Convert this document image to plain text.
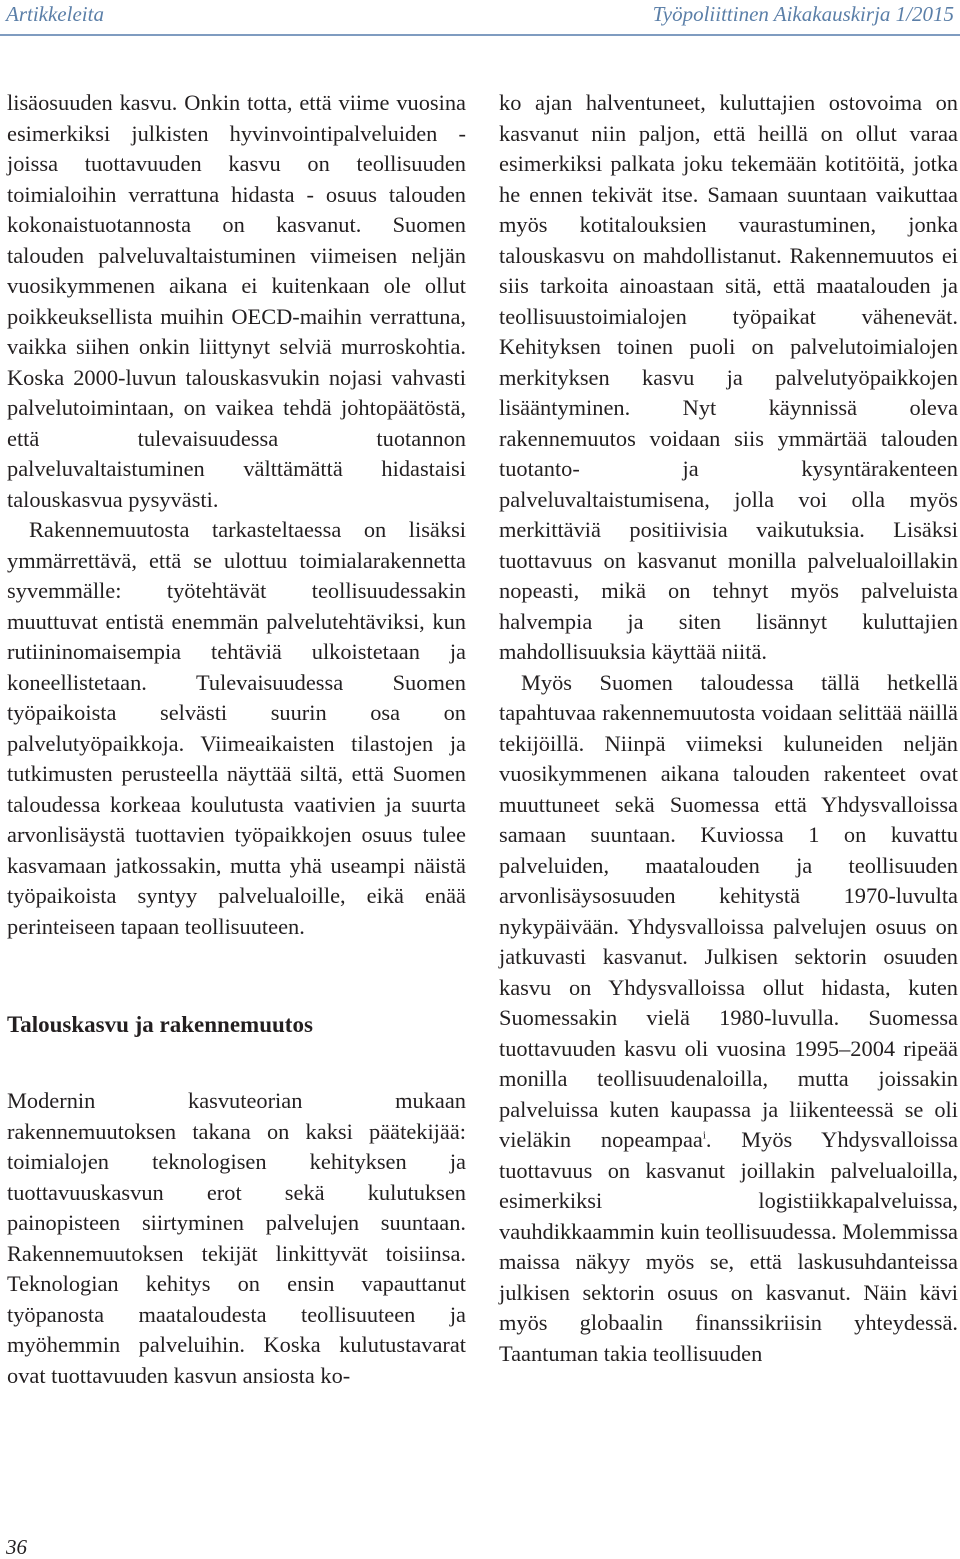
Artikkeleita	Työpoliittinen Aikakauskirja 1/2015

lisäosuuden kasvu. Onkin totta, että viime vuosina esimerkiksi julkisten hyvinvointipalveluiden - joissa tuottavuuden kasvu on teollisuuden toimialoihin verrattuna hidasta - osuus talouden kokonaistuotannosta on kasvanut. Suomen talouden palveluvaltaistuminen viimeisen neljän vuosikymmenen aikana ei kuitenkaan ole ollut poikkeuksellista muihin OECD-maihin verrattuna, vaikka siihen onkin liittynyt selviä murroskohtia. Koska 2000-luvun talouskasvukin nojasi vahvasti palvelutoimintaan, on vaikea tehdä johtopäätöstä, että tulevaisuudessa tuotannon palveluvaltaistuminen välttämättä hidastaisi talouskasvua pysyvästi.

Rakennemuutosta tarkasteltaessa on lisäksi ymmärrettävä, että se ulottuu toimialarakennetta syvemmälle: työtehtävät teollisuudessakin muuttuvat entistä enemmän palvelutehtäviksi, kun rutiininomaisempia tehtäviä ulkoistetaan ja koneellistetaan. Tulevaisuudessa Suomen työpaikoista selvästi suurin osa on palvelutyöpaikkoja. Viimeaikaisten tilastojen ja tutkimusten perusteella näyttää siltä, että Suomen taloudessa korkeaa koulutusta vaativien ja suurta arvonlisäystä tuottavien työpaikkojen osuus tulee kasvamaan jatkossakin, mutta yhä useampi näistä työpaikoista syntyy palvelualoille, eikä enää perinteiseen tapaan teollisuuteen.

Talouskasvu ja rakennemuutos

Modernin kasvuteorian mukaan rakennemuutoksen takana on kaksi päätekijää: toimialojen teknologisen kehityksen ja tuottavuuskasvun erot sekä kulutuksen painopisteen siirtyminen palvelujen suuntaan. Rakennemuutoksen tekijät linkittyvät toisiinsa. Teknologian kehitys on ensin vapauttanut työpanosta maataloudesta teollisuuteen ja myöhemmin palveluihin. Koska kulutustavarat ovat tuottavuuden kasvun ansiosta ko-

ko ajan halventuneet, kuluttajien ostovoima on kasvanut niin paljon, että heillä on ollut varaa esimerkiksi palkata joku tekemään kotitöitä, jotka he ennen tekivät itse. Samaan suuntaan vaikuttaa myös kotitalouksien vaurastuminen, jonka talouskasvu on mahdollistanut. Rakennemuutos ei siis tarkoita ainoastaan sitä, että maatalouden ja teollisuustoimialojen työpaikat vähenevät. Kehityksen toinen puoli on palvelutoimialojen merkityksen kasvu ja palvelutyöpaikkojen lisääntyminen. Nyt käynnissä oleva rakennemuutos voidaan siis ymmärtää talouden tuotanto- ja kysyntärakenteen palveluvaltaistumisena, jolla voi olla myös merkittäviä positiivisia vaikutuksia. Lisäksi tuottavuus on kasvanut monilla palvelualoillakin nopeasti, mikä on tehnyt myös palveluista halvempia ja siten lisännyt kuluttajien mahdollisuuksia käyttää niitä.

Myös Suomen taloudessa tällä hetkellä tapahtuvaa rakennemuutosta voidaan selittää näillä tekijöillä. Niinpä viimeksi kuluneiden neljän vuosikymmenen aikana talouden rakenteet ovat muuttuneet sekä Suomessa että Yhdysvalloissa samaan suuntaan. Kuviossa 1 on kuvattu palveluiden, maatalouden ja teollisuuden arvonlisäysosuuden kehitystä 1970-luvulta nykypäivään. Yhdysvalloissa palvelujen osuus on jatkuvasti kasvanut. Julkisen sektorin osuuden kasvu on Yhdysvalloissa ollut hidasta, kuten Suomessakin vielä 1980-luvulla. Suomessa tuottavuuden kasvu oli vuosina 1995–2004 ripeää monilla teollisuudenaloilla, mutta joissakin palveluissa kuten kaupassa ja liikenteessä se oli vieläkin nopeampaa$^i$. Myös Yhdysvalloissa tuottavuus on kasvanut joillakin palvelualoilla, esimerkiksi logistiikkapalveluissa, vauhdikkaammin kuin teollisuudessa. Molemmissa maissa näkyy myös se, että laskusuhdanteissa julkisen sektorin osuus on kasvanut. Näin kävi myös globaalin finanssikriisin yhteydessä. Taantuman takia teollisuuden

36
